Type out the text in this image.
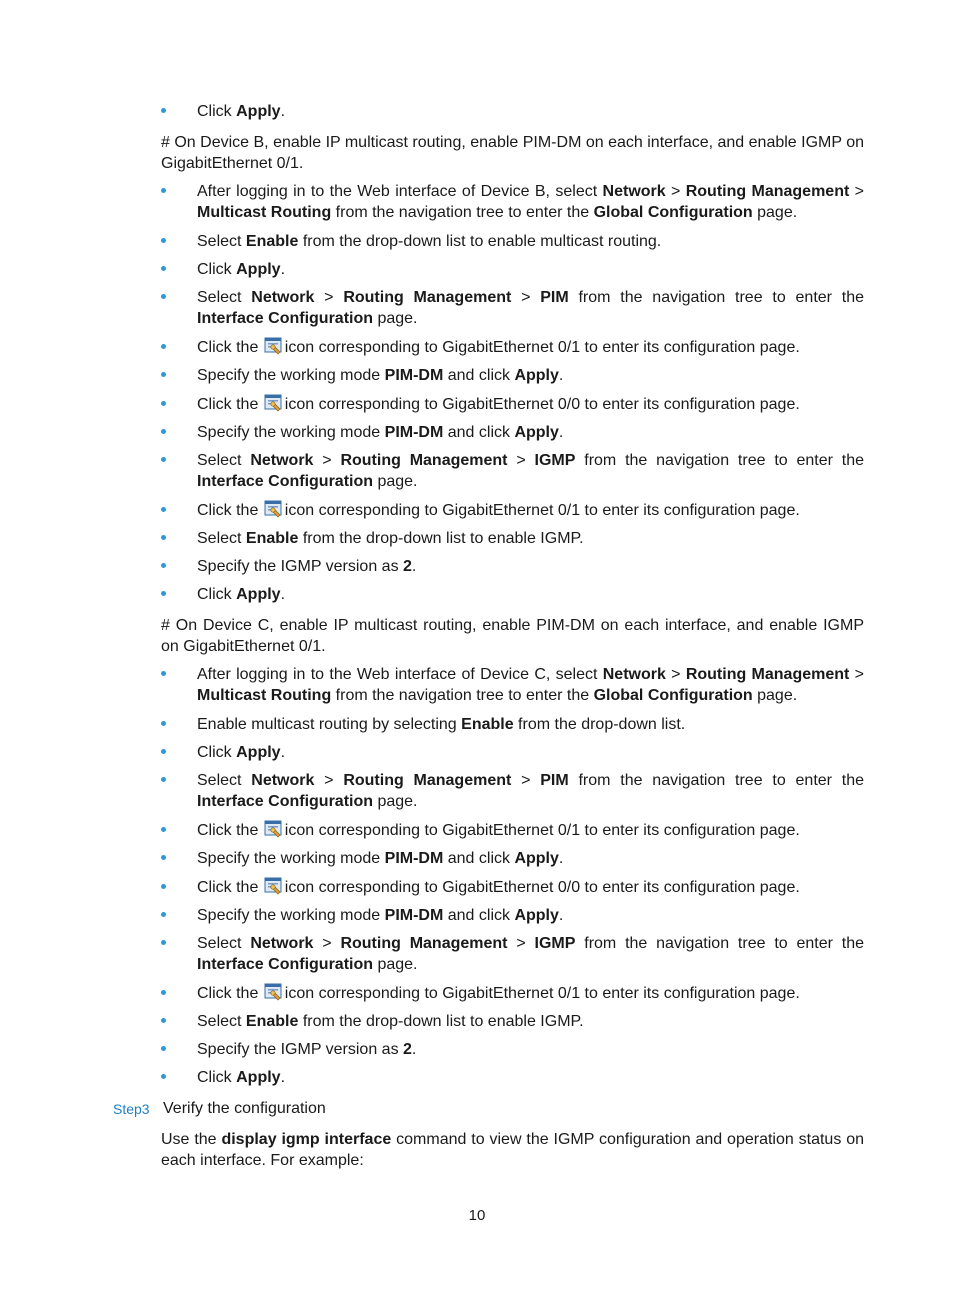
Click Apply.
# On Device B, enable IP multicast routing, enable PIM-DM on each interface, and enable IGMP on GigabitEthernet 0/1.
After logging in to the Web interface of Device B, select Network > Routing Management > Multicast Routing from the navigation tree to enter the Global Configuration page.
Select Enable from the drop-down list to enable multicast routing.
Click Apply.
Select Network > Routing Management > PIM from the navigation tree to enter the Interface Configuration page.
Click the icon corresponding to GigabitEthernet 0/1 to enter its configuration page.
Specify the working mode PIM-DM and click Apply.
Click the icon corresponding to GigabitEthernet 0/0 to enter its configuration page.
Specify the working mode PIM-DM and click Apply.
Select Network > Routing Management > IGMP from the navigation tree to enter the Interface Configuration page.
Click the icon corresponding to GigabitEthernet 0/1 to enter its configuration page.
Select Enable from the drop-down list to enable IGMP.
Specify the IGMP version as 2.
Click Apply.
# On Device C, enable IP multicast routing, enable PIM-DM on each interface, and enable IGMP on GigabitEthernet 0/1.
After logging in to the Web interface of Device C, select Network > Routing Management > Multicast Routing from the navigation tree to enter the Global Configuration page.
Enable multicast routing by selecting Enable from the drop-down list.
Click Apply.
Select Network > Routing Management > PIM from the navigation tree to enter the Interface Configuration page.
Click the icon corresponding to GigabitEthernet 0/1 to enter its configuration page.
Specify the working mode PIM-DM and click Apply.
Click the icon corresponding to GigabitEthernet 0/0 to enter its configuration page.
Specify the working mode PIM-DM and click Apply.
Select Network > Routing Management > IGMP from the navigation tree to enter the Interface Configuration page.
Click the icon corresponding to GigabitEthernet 0/1 to enter its configuration page.
Select Enable from the drop-down list to enable IGMP.
Specify the IGMP version as 2.
Click Apply.
Step3 Verify the configuration
Use the display igmp interface command to view the IGMP configuration and operation status on each interface. For example:
10
